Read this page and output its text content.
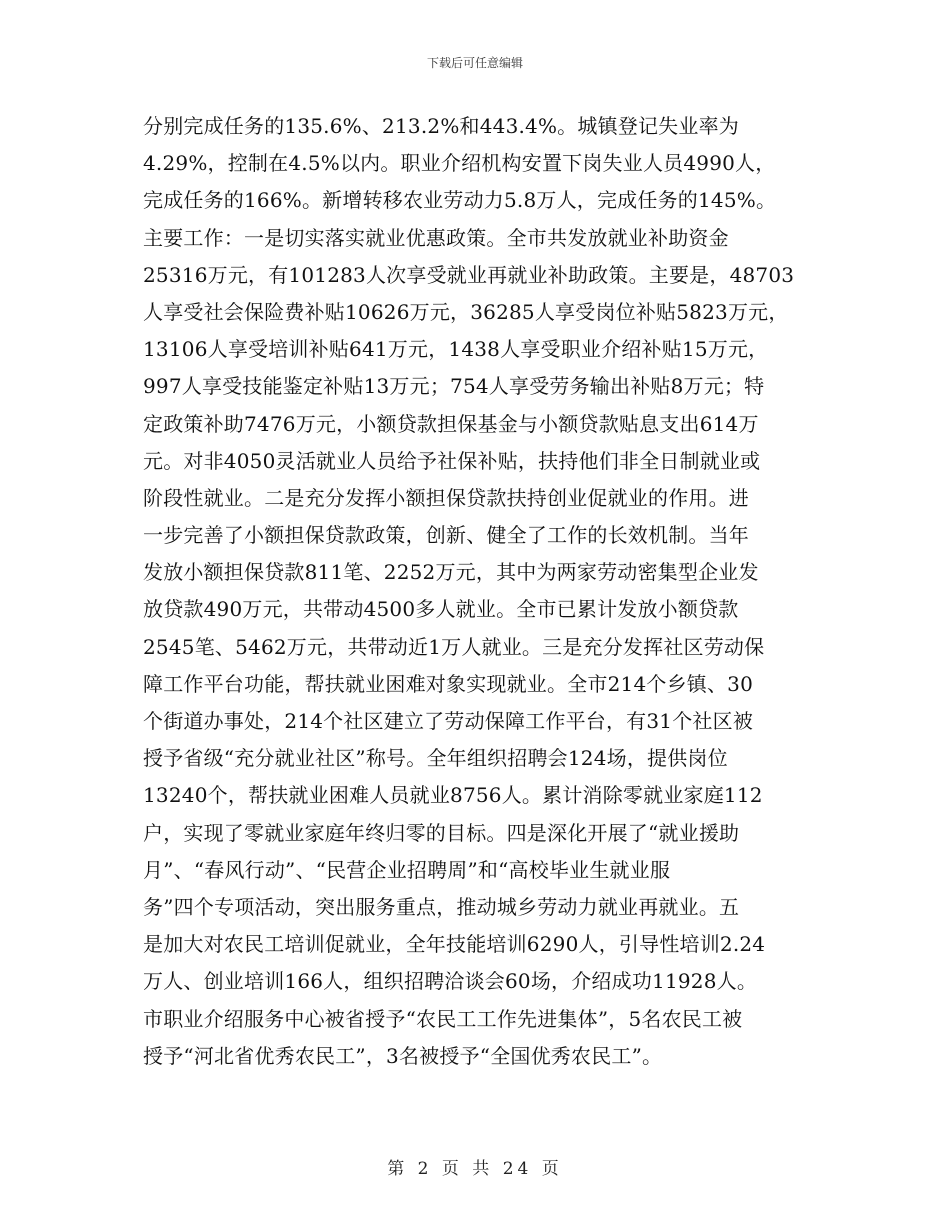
下载后可任意编辑
分别完成任务的135.6%、213.2%和443.4%。城镇登记失业率为
4.29%，控制在4.5%以内。职业介绍机构安置下岗失业人员4990人，
完成任务的166%。新增转移农业劳动力5.8万人，完成任务的145%。
主要工作：一是切实落实就业优惠政策。全市共发放就业补助资金
25316万元，有101283人次享受就业再就业补助政策。主要是，48703
人享受社会保险费补贴10626万元，36285人享受岗位补贴5823万元，
13106人享受培训补贴641万元，1438人享受职业介绍补贴15万元，
997人享受技能鉴定补贴13万元；754人享受劳务输出补贴8万元；特
定政策补助7476万元，小额贷款担保基金与小额贷款贴息支出614万
元。对非4050灵活就业人员给予社保补贴，扶持他们非全日制就业或
阶段性就业。二是充分发挥小额担保贷款扶持创业促就业的作用。进
一步完善了小额担保贷款政策，创新、健全了工作的长效机制。当年
发放小额担保贷款811笔、2252万元，其中为两家劳动密集型企业发
放贷款490万元，共带动4500多人就业。全市已累计发放小额贷款
2545笔、5462万元，共带动近1万人就业。三是充分发挥社区劳动保
障工作平台功能，帮扶就业困难对象实现就业。全市214个乡镇、30
个街道办事处，214个社区建立了劳动保障工作平台，有31个社区被
授予省级“充分就业社区”称号。全年组织招聘会124场，提供岗位
13240个，帮扶就业困难人员就业8756人。累计消除零就业家庭112
户，实现了零就业家庭年终归零的目标。四是深化开展了“就业援助
月”、“春风行动”、“民营企业招聘周”和“高校毕业生就业服
务”四个专项活动，突出服务重点，推动城乡劳动力就业再就业。五
是加大对农民工培训促就业，全年技能培训6290人，引导性培训2.24
万人、创业培训166人，组织招聘洽谈会60场，介绍成功11928人。
市职业介绍服务中心被省授予“农民工工作先进集体”，5名农民工被
授予“河北省优秀农民工”，3名被授予“全国优秀农民工”。
第 2 页 共 24 页
